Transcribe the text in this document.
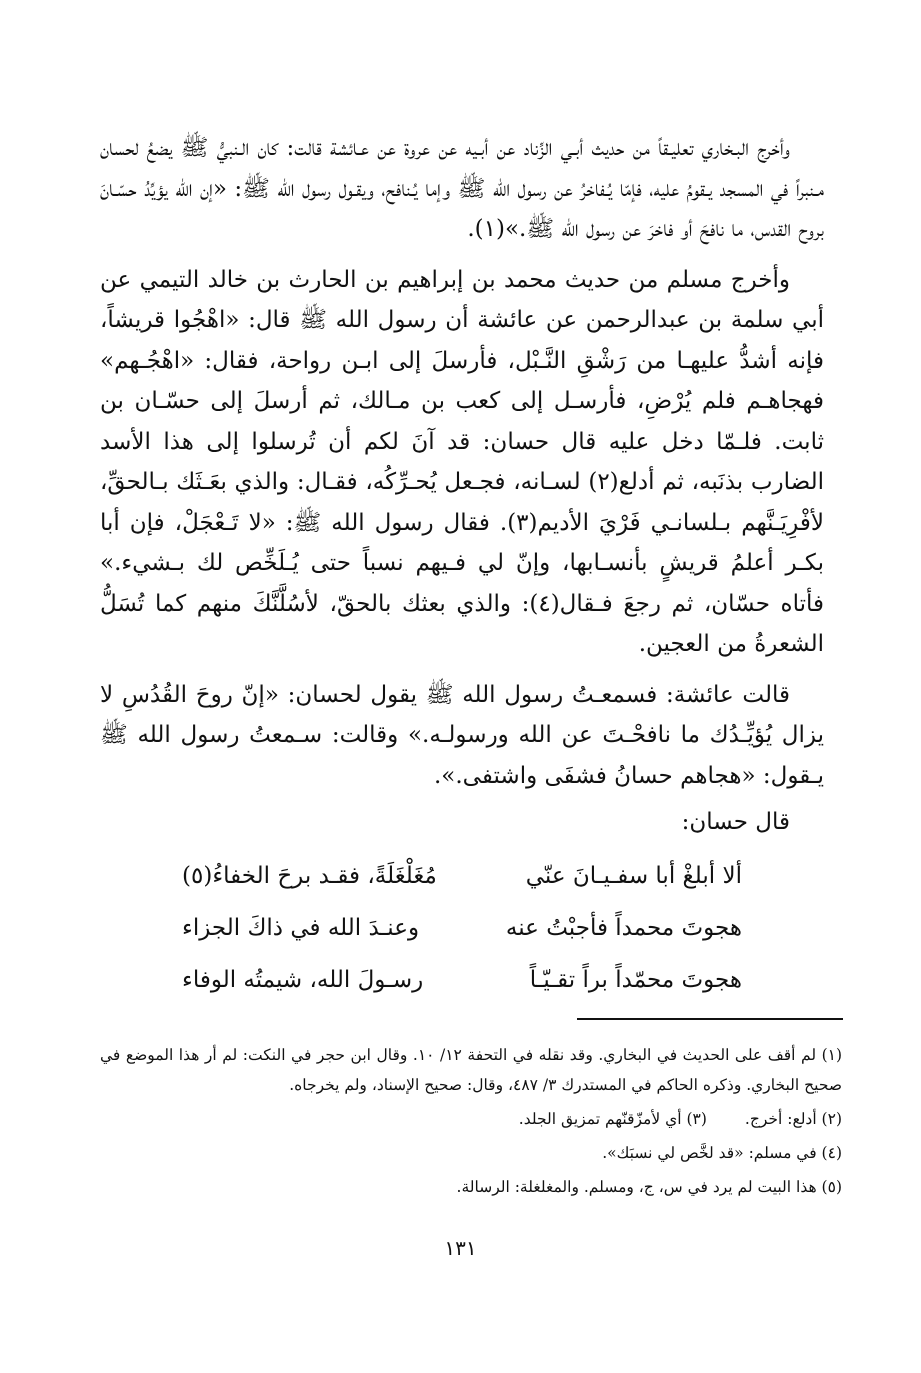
وأخرج البـخاري تعليـقاً من حديث أبـي الزِّناد عن أبـيه عن عروة عن عـائشة قالت: كان الـنبيُّ ﷺ يضعُ لحسان مـنبراً في المسجد يـقومُ عليه، فإمّا يُـفاخرُ عن رسول الله ﷺ وإما يُـنافح، ويقـول رسول الله ﷺ: «إن الله يؤيِّدُ حسّـانَ بروح القدس، ما نافحَ أو فاخرَ عن رسول الله ﷺ.»(١).

وأخرج مسلم من حديث محمد بن إبراهيم بن الحارث بن خالد التيمي عن أبي سلمة بن عبدالرحمن عن عائشة أن رسول الله ﷺ قال: «اهْجُوا قريشاً، فإنه أشدُّ عليهـا من رَشْقِ النَّـبْل، فأرسلَ إلى ابـن رواحة، فقال: «اهْجُـهم» فهجاهـم فلم يُرْضِ، فأرسـل إلى كعب بن مـالك، ثم أرسلَ إلى حسّـان بن ثابت. فلـمّا دخل عليه قال حسان: قد آنَ لكم أن تُرسلوا إلى هذا الأسد الضارب بذنَبه، ثم أدلع(٢) لسـانه، فجـعل يُحـرِّكُه، فقـال: والذي بعَـثَك بـالحقِّ، لأفْرِيَـنَّهم بـلسانـي فَرْيَ الأديم(٣). فقال رسول الله ﷺ: «لا تَـعْجَلْ، فإن أبا بكـر أعلمُ قريشٍ بأنسـابها، وإنّ لي فـيهم نسباً حتى يُـلَخِّص لك بـشيء.» فأتاه حسّان، ثم رجعَ فـقال(٤): والذي بعثك بالحقّ، لأسُلَّنَّكَ منهم كما تُسَلُّ الشعرةُ من العجين.

قالت عائشة: فسمعـتُ رسول الله ﷺ يقول لحسان: «إنّ روحَ القُدُسِ لا يزال يُؤيِّـدُك ما نافحْـتَ عن الله ورسولـه.» وقالت: سـمعتُ رسول الله ﷺ يـقول: «هجاهم حسانُ فشفَى واشتفى.».

قال حسان:

ألا أبلغْ أبا سفـيـانَ عنّي
مُغَلْغَلَةً، فقـد برحَ الخفاءُ(٥)
هجوتَ محمداً فأجبْتُ عنه
وعنـدَ الله في ذاكَ الجزاء
هجوتَ محمّداً براً تقـيّـاً
رسـولَ الله، شيمتُه الوفاء

(١) لم أقف على الحديث في البخاري. وقد نقله في التحفة ١٢/ ١٠. وقال ابن حجر في النكت: لم أر هذا الموضع في صحيح البخاري. وذكره الحاكم في المستدرك ٣/ ٤٨٧، وقال: صحيح الإسناد، ولم يخرجاه.

(٢) أدلع: أخرج.
(٣) أي لأمزّقنّهم تمزيق الجلد.

(٤) في مسلم: «قد لخَّص لي نسبَك».

(٥) هذا البيت لم يرد في س، ج، ومسلم. والمغلغلة: الرسالة.

١٣١
